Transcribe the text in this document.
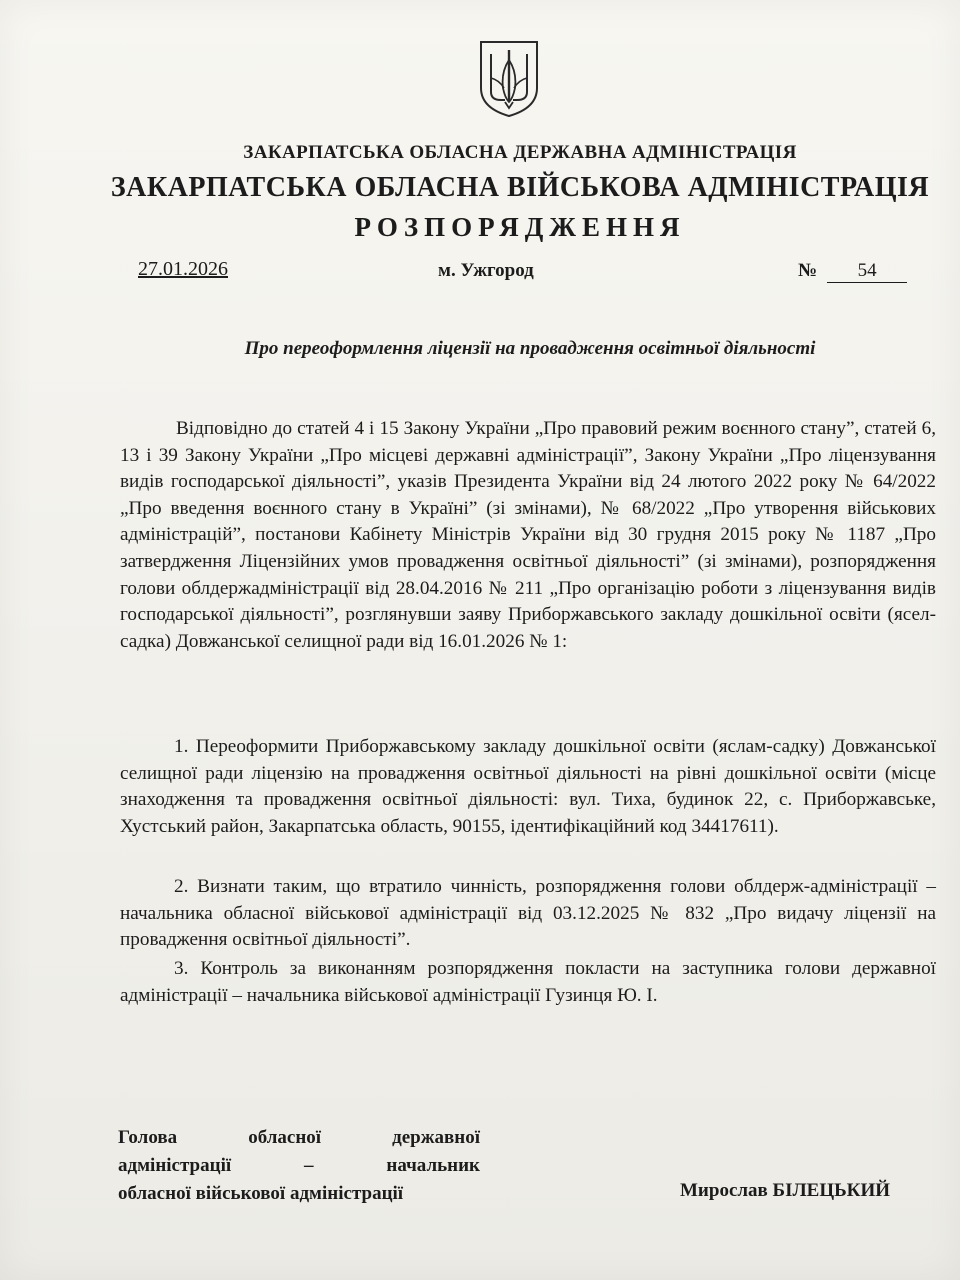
ЗАКАРПАТСЬКА ОБЛАСНА ДЕРЖАВНА АДМІНІСТРАЦІЯ
ЗАКАРПАТСЬКА ОБЛАСНА ВІЙСЬКОВА АДМІНІСТРАЦІЯ
РОЗПОРЯДЖЕННЯ
27.01.2026	м. Ужгород	№ 54
Про переоформлення ліцензії на провадження освітньої діяльності
Відповідно до статей 4 і 15 Закону України „Про правовий режим воєнного стану”, статей 6, 13 і 39 Закону України „Про місцеві державні адміністрації”, Закону України „Про ліцензування видів господарської діяльності”, указів Президента України від 24 лютого 2022 року № 64/2022 „Про введення воєнного стану в Україні” (зі змінами), № 68/2022 „Про утворення військових адміністрацій”, постанови Кабінету Міністрів України від 30 грудня 2015 року № 1187 „Про затвердження Ліцензійних умов провадження освітньої діяльності” (зі змінами), розпорядження голови облдержадміністрації від 28.04.2016 № 211 „Про організацію роботи з ліцензування видів господарської діяльності”, розглянувши заяву Приборжавського закладу дошкільної освіти (ясел-садка) Довжанської селищної ради від 16.01.2026 № 1:
1. Переоформити Приборжавському закладу дошкільної освіти (яслам-садку) Довжанської селищної ради ліцензію на провадження освітньої діяльності на рівні дошкільної освіти (місце знаходження та провадження освітньої діяльності: вул. Тиха, будинок 22, с. Приборжавське, Хустський район, Закарпатська область, 90155, ідентифікаційний код 34417611).
2. Визнати таким, що втратило чинність, розпорядження голови облдерж-адміністрації – начальника обласної військової адміністрації від 03.12.2025 № 832 „Про видачу ліцензії на провадження освітньої діяльності”.
3. Контроль за виконанням розпорядження покласти на заступника голови державної адміністрації – начальника військової адміністрації Гузинця Ю. І.
Голова обласної державної
адміністрації – начальник
обласної військової адміністрації	Мирослав БІЛЕЦЬКИЙ
